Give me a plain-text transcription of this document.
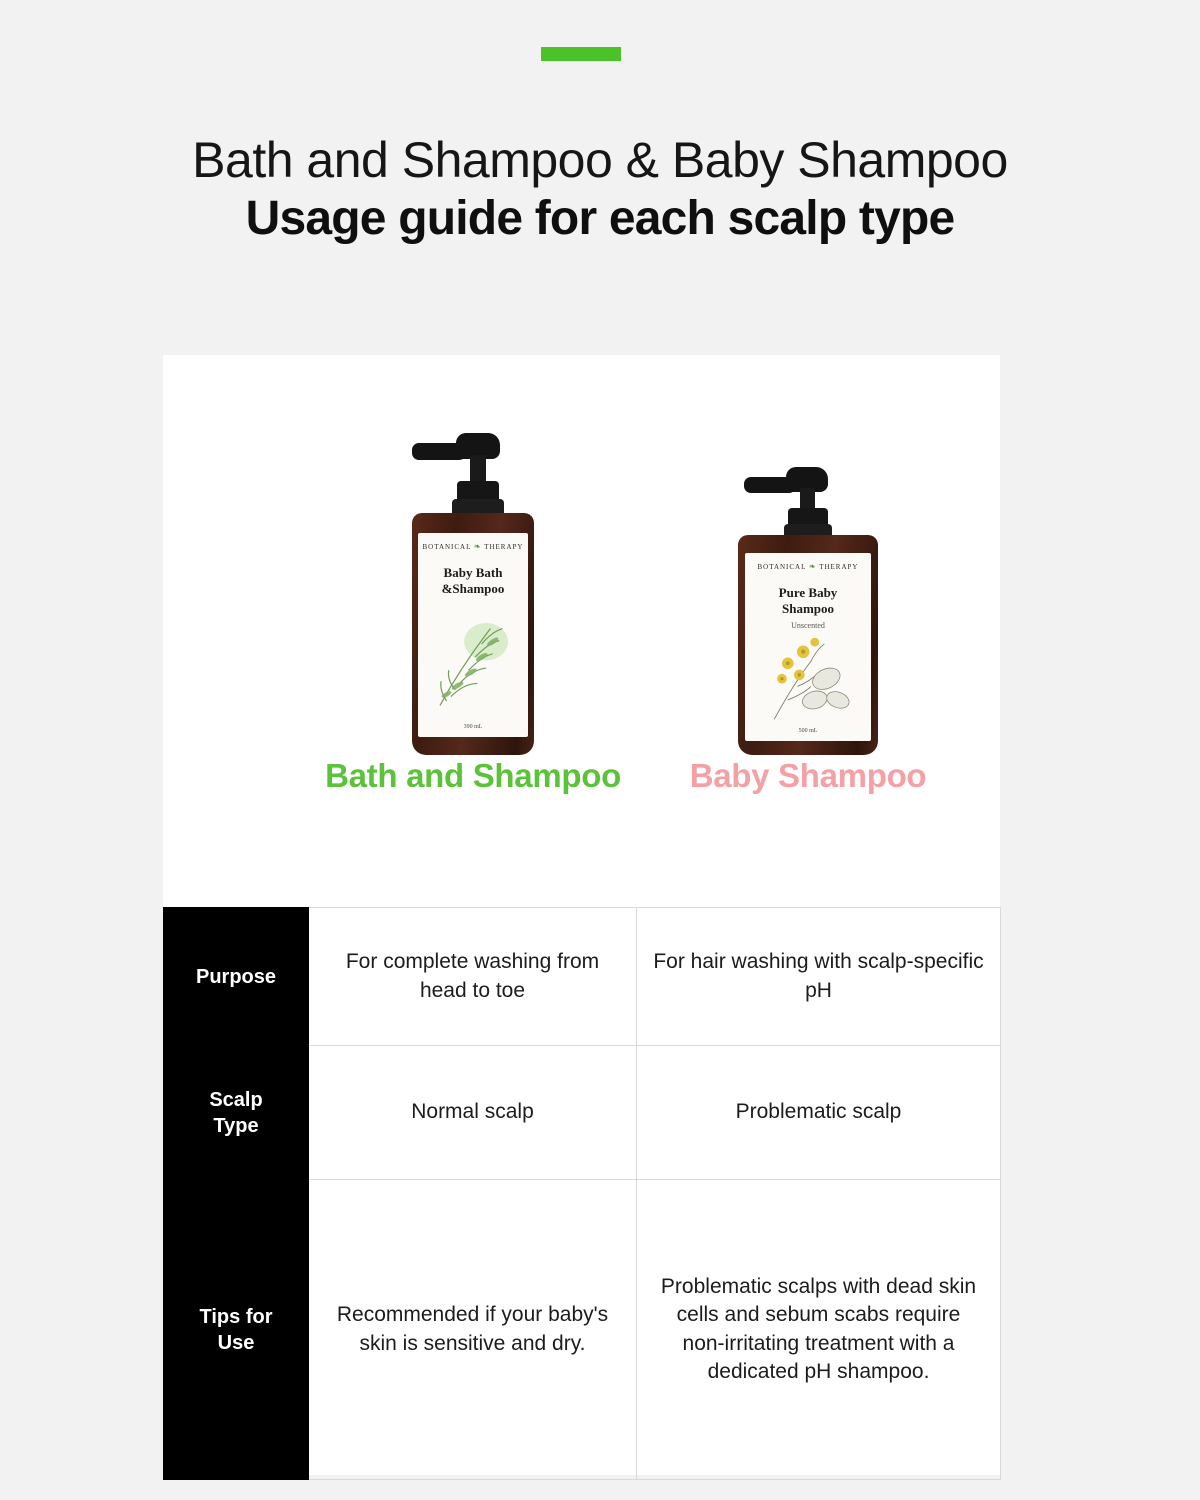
Bath and Shampoo & Baby Shampoo
Usage guide for each scalp type
BOTANICAL ❧ THERAPY
Baby Bath
&Shampoo
390 mL
Bath and Shampoo
BOTANICAL ❧ THERAPY
Pure Baby
Shampoo
Unscented
500 mL
Baby Shampoo
Purpose	For complete washing from head to toe	For hair washing with scalp-specific pH

Scalp
Type	Normal scalp	Problematic scalp

Tips for
Use	Recommended if your baby's skin is sensitive and dry.	Problematic scalps with dead skin cells and sebum scabs require non-irritating treatment with a dedicated pH shampoo.
